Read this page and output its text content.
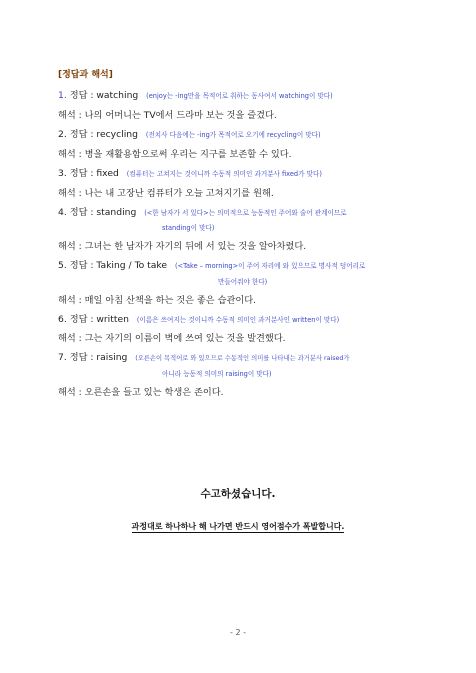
[정답과 해석]
1. 정답 : watching (enjoy는 -ing만을 목적어로 취하는 동사여서 watching이 맞다)
해석 : 나의 어머니는 TV에서 드라마 보는 것을 즐겼다.
2. 정답 : recycling (전치사 다음에는 -ing가 목적어로 오기에 recycling이 맞다)
해석 : 병을 재활용함으로써 우리는 지구를 보존할 수 있다.
3. 정답 : fixed (컴퓨터는 고쳐지는 것이니까 수동적 의미인 과거분사 fixed가 맞다)
해석 : 나는 내 고장난 컴퓨터가 오늘 고쳐지기를 원해.
4. 정답 : standing (<한 남자가 서 있다>는 의미적으로 능동적인 주어와 술어 관계이므로
standing이 맞다)
해석 : 그녀는 한 남자가 자기의 뒤에 서 있는 것을 알아차렸다.
5. 정답 : Taking / To take (<Take – morning>이 주어 자리에 와 있으므로 명사적 덩어리로
만들어줘야 한다)
해석 : 매일 아침 산책을 하는 것은 좋은 습관이다.
6. 정답 : written (이름은 쓰여지는 것이니까 수동적 의미인 과거분사인 written이 맞다)
해석 : 그는 자기의 이름이 벽에 쓰여 있는 것을 발견했다.
7. 정답 : raising (오른손이 목적어로 와 있으므로 수동적인 의미를 나타내는 과거분사 raised가
아니라 능동적 의미의 raising이 맞다)
해석 : 오른손을 들고 있는 학생은 존이다.
수고하셨습니다.
과정대로 하나하나 해 나가면 반드시 영어점수가 폭발합니다.
- 2 -
